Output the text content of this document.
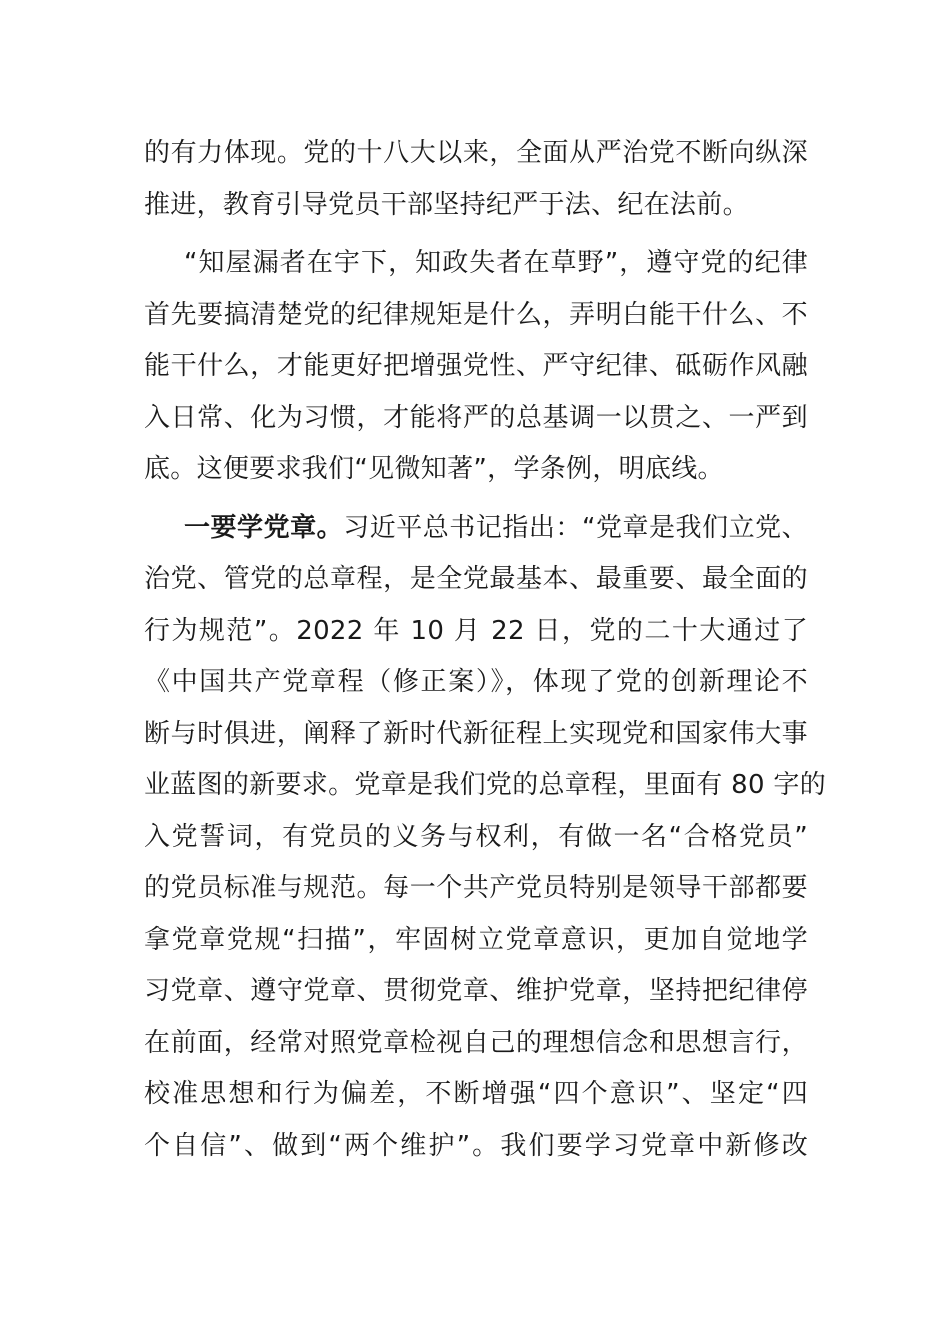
的有力体现。党的十八大以来，全面从严治党不断向纵深
推进，教育引导党员干部坚持纪严于法、纪在法前。
“知屋漏者在宇下，知政失者在草野”，遵守党的纪律
首先要搞清楚党的纪律规矩是什么，弄明白能干什么、不
能干什么，才能更好把增强党性、严守纪律、砥砺作风融
入日常、化为习惯，才能将严的总基调一以贯之、一严到
底。这便要求我们“见微知著”，学条例，明底线。
一要学党章。习近平总书记指出：“党章是我们立党、
治党、管党的总章程，是全党最基本、最重要、最全面的
行为规范”。2022 年 10 月 22 日，党的二十大通过了
《中国共产党章程（修正案）》，体现了党的创新理论不
断与时俱进，阐释了新时代新征程上实现党和国家伟大事
业蓝图的新要求。党章是我们党的总章程，里面有 80 字的
入党誓词，有党员的义务与权利，有做一名“合格党员”
的党员标准与规范。每一个共产党员特别是领导干部都要
拿党章党规“扫描”，牢固树立党章意识，更加自觉地学
习党章、遵守党章、贯彻党章、维护党章，坚持把纪律停
在前面，经常对照党章检视自己的理想信念和思想言行，
校准思想和行为偏差，不断增强“四个意识”、坚定“四
个自信”、做到“两个维护”。我们要学习党章中新修改
